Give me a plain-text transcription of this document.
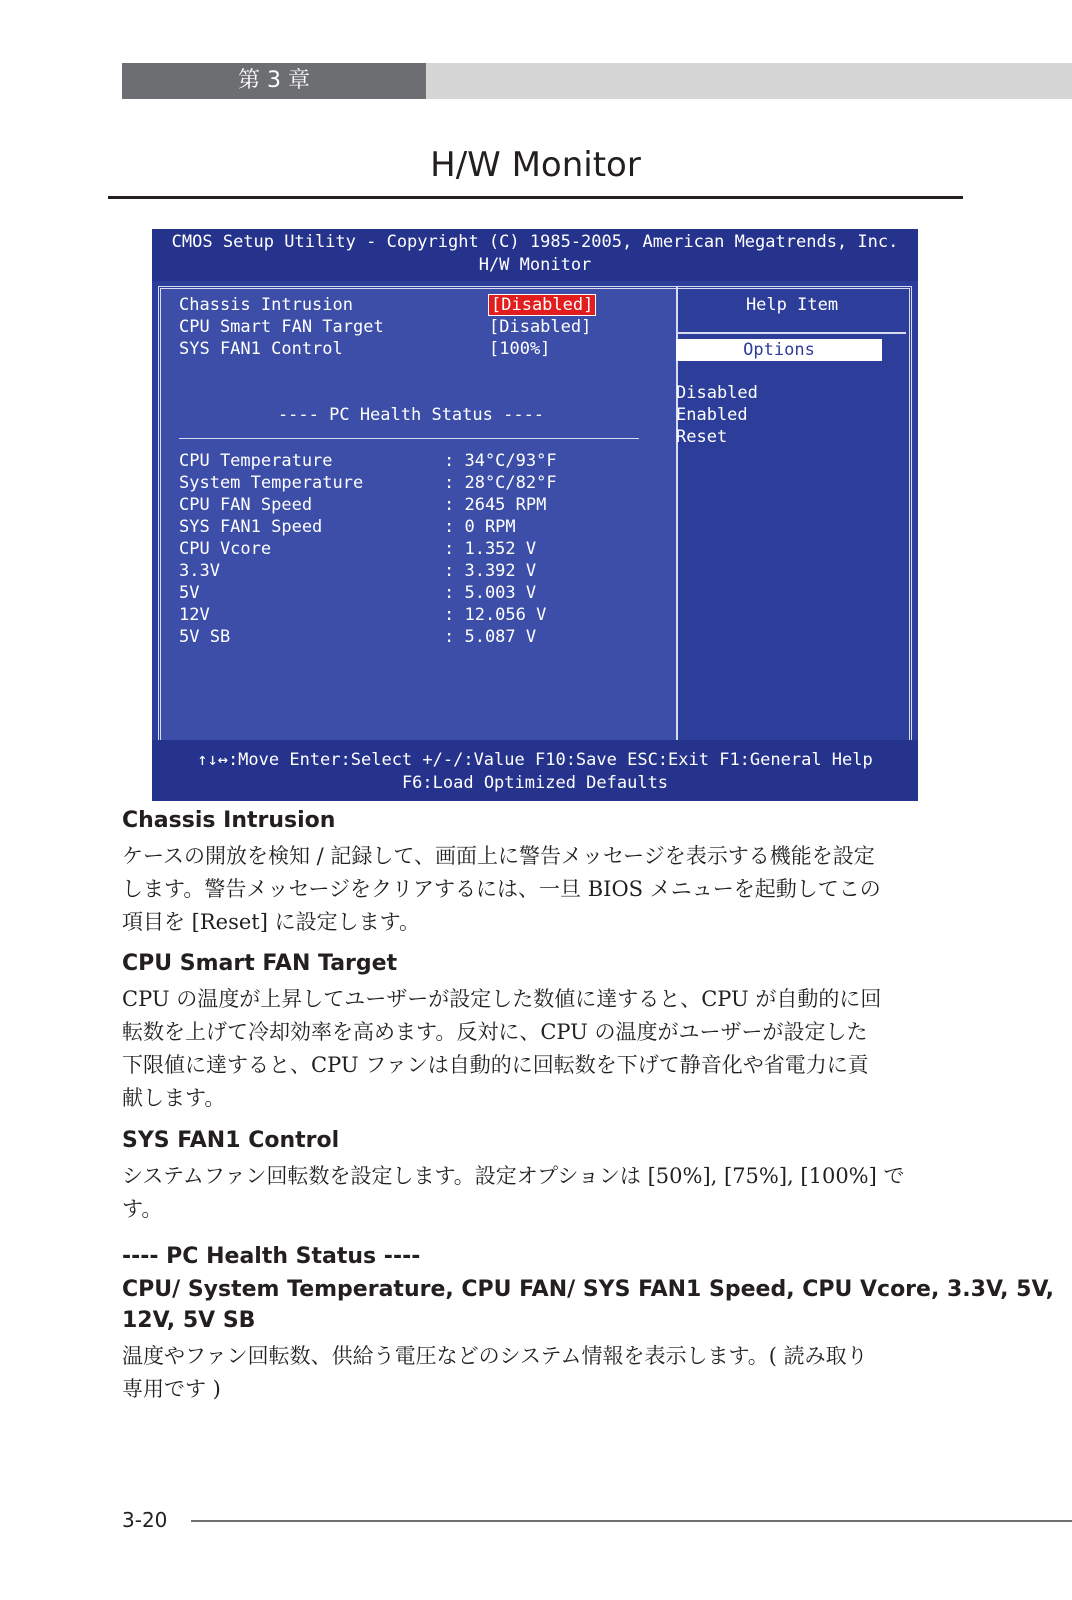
第 3 章
H/W Monitor
CMOS Setup Utility - Copyright (C) 1985-2005, American Megatrends, Inc.
H/W Monitor
Chassis Intrusion	[Disabled]
CPU Smart FAN Target	[Disabled]
SYS FAN1 Control	[100%]
---- PC Health Status ----
CPU Temperature	: 34°C/93°F
System Temperature	: 28°C/82°F
CPU FAN Speed	: 2645 RPM
SYS FAN1 Speed	: 0 RPM
CPU Vcore	: 1.352 V
3.3V	: 3.392 V
5V	: 5.003 V
12V	: 12.056 V
5V SB	: 5.087 V
Help Item
Options
Disabled
Enabled
Reset
↑↓↔:Move Enter:Select +/-/:Value F10:Save ESC:Exit F1:General Help
F6:Load Optimized Defaults
Chassis Intrusion
ケースの開放を検知 / 記録して、画面上に警告メッセージを表示する機能を設定
します。警告メッセージをクリアするには、一旦 BIOS メニューを起動してこの
項目を [Reset] に設定します。
CPU Smart FAN Target
CPU の温度が上昇してユーザーが設定した数値に達すると、CPU が自動的に回
転数を上げて冷却効率を高めます。反対に、CPU の温度がユーザーが設定した
下限値に達すると、CPU ファンは自動的に回転数を下げて静音化や省電力に貢
献します。
SYS FAN1 Control
システムファン回転数を設定します。設定オプションは [50%], [75%], [100%] で
す。
---- PC Health Status ----
CPU/ System Temperature, CPU FAN/ SYS FAN1 Speed, CPU Vcore, 3.3V, 5V,
12V, 5V SB
温度やファン回転数、供給う電圧などのシステム情報を表示します。( 読み取り
専用です )
3-20
